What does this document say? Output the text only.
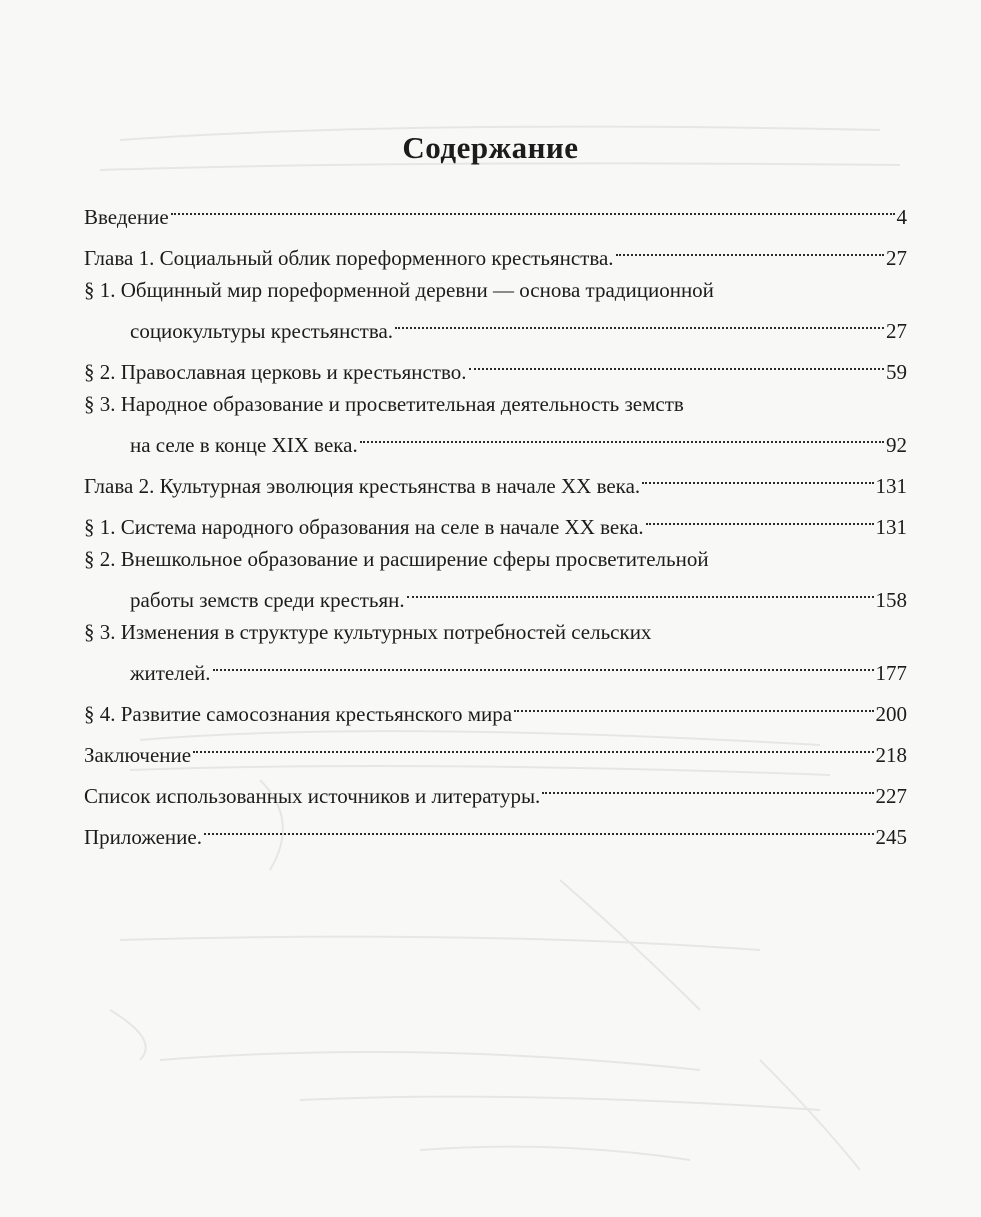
Содержание
Введение	4
Глава 1. Социальный облик пореформенного крестьянства.	27
§ 1. Общинный мир пореформенной деревни — основа традиционной
социокультуры крестьянства.	27
§ 2. Православная церковь и крестьянство.	59
§ 3. Народное образование и просветительная деятельность земств
на селе в конце XIX века.	92
Глава 2. Культурная эволюция крестьянства в начале XX века.	131
§ 1. Система народного образования на селе в начале XX века.	131
§ 2. Внешкольное образование и расширение сферы просветительной
работы земств среди крестьян.	158
§ 3. Изменения в структуре культурных потребностей сельских
жителей.	177
§ 4. Развитие самосознания крестьянского мира	200
Заключение	218
Список использованных источников и литературы.	227
Приложение.	245
